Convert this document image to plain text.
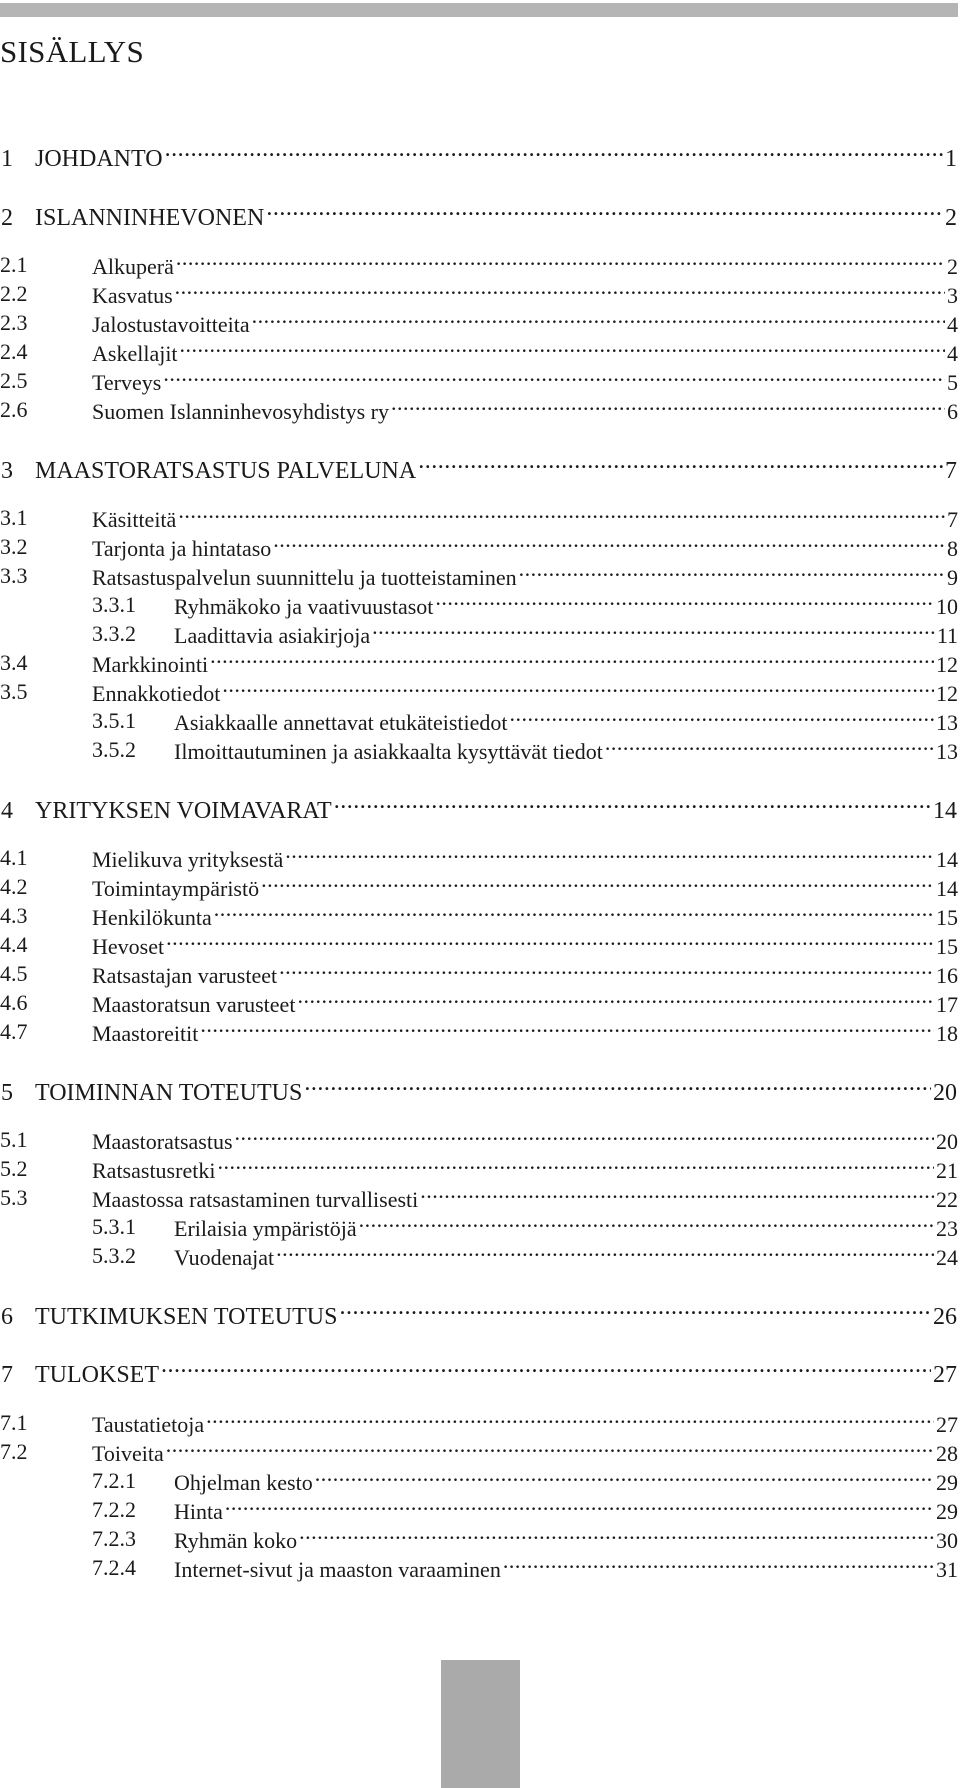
SISÄLLYS
1 JOHDANTO .....	1
2 ISLANNINHEVONEN .....	2
2.1	Alkuperä .....	2
2.2	Kasvatus .....	3
2.3	Jalostustavoitteita .....	4
2.4	Askellajit .....	4
2.5	Terveys .....	5
2.6	Suomen Islanninhevosyhdistys ry .....	6
3 MAASTORATSASTUS PALVELUNA .....	7
3.1	Käsitteitä .....	7
3.2	Tarjonta ja hintataso .....	8
3.3	Ratsastuspalvelun suunnittelu ja tuotteistaminen .....	9
3.3.1 Ryhmäkoko ja vaativuustasot .....	10
3.3.2 Laadittavia asiakirjoja .....	11
3.4	Markkinointi .....	12
3.5	Ennakkotiedot .....	12
3.5.1 Asiakkaalle annettavat etukäteistiedot .....	13
3.5.2 Ilmoittautuminen ja asiakkaalta kysyttävät tiedot .....	13
4 YRITYKSEN VOIMAVARAT .....	14
4.1	Mielikuva yrityksestä .....	14
4.2	Toimintaympäristö .....	14
4.3	Henkilökunta .....	15
4.4	Hevoset .....	15
4.5	Ratsastajan varusteet .....	16
4.6	Maastoratsun varusteet .....	17
4.7	Maastoreitit .....	18
5 TOIMINNAN TOTEUTUS .....	20
5.1	Maastoratsastus .....	20
5.2	Ratsastusretki .....	21
5.3	Maastossa ratsastaminen turvallisesti .....	22
5.3.1 Erilaisia ympäristöjä .....	23
5.3.2 Vuodenajat .....	24
6 TUTKIMUKSEN TOTEUTUS .....	26
7 TULOKSET .....	27
7.1	Taustatietoja .....	27
7.2	Toiveita .....	28
7.2.1 Ohjelman kesto .....	29
7.2.2 Hinta .....	29
7.2.3 Ryhmän koko .....	30
7.2.4 Internet-sivut ja maaston varaaminen .....	31
